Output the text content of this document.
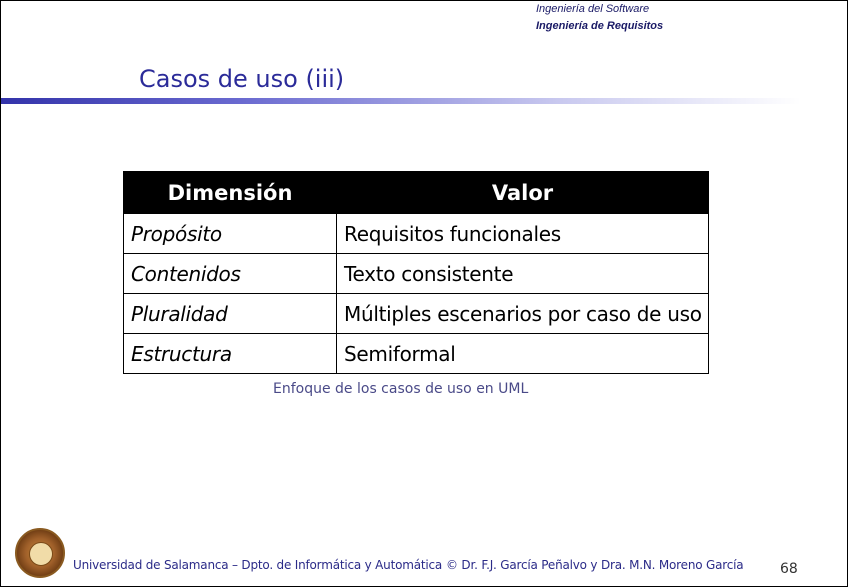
Ingeniería del Software
Ingeniería de Requisitos
Casos de uso (iii)
Dimensión	Valor
Propósito	Requisitos funcionales
Contenidos	Texto consistente
Pluralidad	Múltiples escenarios por caso de uso
Estructura	Semiformal
Enfoque de los casos de uso en UML
Universidad de Salamanca – Dpto. de Informática y Automática © Dr. F.J. García Peñalvo y Dra. M.N. Moreno García	68
